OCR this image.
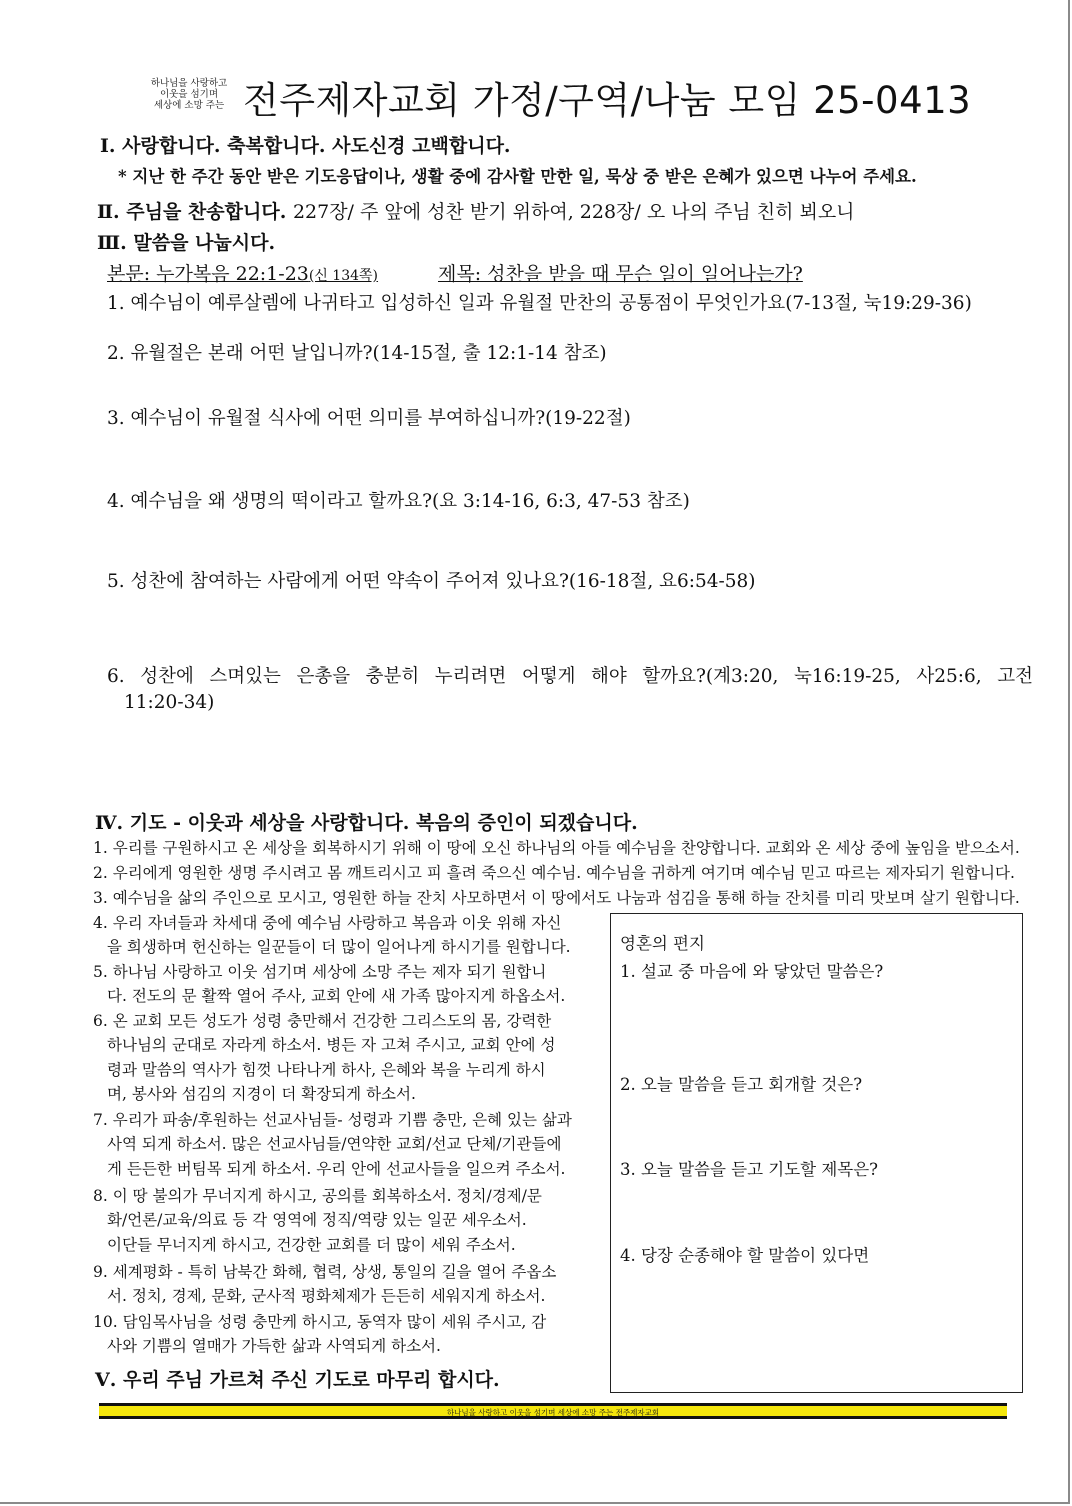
하나님을 사랑하고
이웃을 섬기며
세상에 소망 주는 전주제자교회 가정/구역/나눔 모임 25-0413
Ⅰ. 사랑합니다. 축복합니다. 사도신경 고백합니다.
* 지난 한 주간 동안 받은 기도응답이나, 생활 중에 감사할 만한 일, 묵상 중 받은 은혜가 있으면 나누어 주세요.
Ⅱ. 주님을 찬송합니다. 227장/ 주 앞에 성찬 받기 위하여, 228장/ 오 나의 주님 친히 뵈오니
Ⅲ. 말씀을 나눕시다.
본문: 누가복음 22:1-23(신 134쪽)	제목: 성찬을 받을 때 무슨 일이 일어나는가?
1. 예수님이 예루살렘에 나귀타고 입성하신 일과 유월절 만찬의 공통점이 무엇인가요(7-13절, 눅19:29-36)
2. 유월절은 본래 어떤 날입니까?(14-15절, 출 12:1-14 참조)
3. 예수님이 유월절 식사에 어떤 의미를 부여하십니까?(19-22절)
4. 예수님을 왜 생명의 떡이라고 할까요?(요 3:14-16, 6:3, 47-53 참조)
5. 성찬에 참여하는 사람에게 어떤 약속이 주어져 있나요?(16-18절, 요6:54-58)
6. 성찬에 스며있는 은총을 충분히 누리려면 어떻게 해야 할까요?(계3:20, 눅16:19-25, 사25:6, 고전
11:20-34)
Ⅳ. 기도 - 이웃과 세상을 사랑합니다. 복음의 증인이 되겠습니다.
1. 우리를 구원하시고 온 세상을 회복하시기 위해 이 땅에 오신 하나님의 아들 예수님을 찬양합니다. 교회와 온 세상 중에 높임을 받으소서.
2. 우리에게 영원한 생명 주시려고 몸 깨트리시고 피 흘려 죽으신 예수님. 예수님을 귀하게 여기며 예수님 믿고 따르는 제자되기 원합니다.
3. 예수님을 삶의 주인으로 모시고, 영원한 하늘 잔치 사모하면서 이 땅에서도 나눔과 섬김을 통해 하늘 잔치를 미리 맛보며 살기 원합니다.
4. 우리 자녀들과 차세대 중에 예수님 사랑하고 복음과 이웃 위해 자신
을 희생하며 헌신하는 일꾼들이 더 많이 일어나게 하시기를 원합니다.
5. 하나님 사랑하고 이웃 섬기며 세상에 소망 주는 제자 되기 원합니
다. 전도의 문 활짝 열어 주사, 교회 안에 새 가족 많아지게 하옵소서.
6. 온 교회 모든 성도가 성령 충만해서 건강한 그리스도의 몸, 강력한
하나님의 군대로 자라게 하소서. 병든 자 고쳐 주시고, 교회 안에 성
령과 말씀의 역사가 힘껏 나타나게 하사, 은혜와 복을 누리게 하시
며, 봉사와 섬김의 지경이 더 확장되게 하소서.
7. 우리가 파송/후원하는 선교사님들- 성령과 기쁨 충만, 은혜 있는 삶과
사역 되게 하소서. 많은 선교사님들/연약한 교회/선교 단체/기관들에
게 든든한 버팀목 되게 하소서. 우리 안에 선교사들을 일으켜 주소서.
8. 이 땅 불의가 무너지게 하시고, 공의를 회복하소서. 정치/경제/문
화/언론/교육/의료 등 각 영역에 정직/역량 있는 일꾼 세우소서.
이단들 무너지게 하시고, 건강한 교회를 더 많이 세워 주소서.
9. 세계평화 - 특히 남북간 화해, 협력, 상생, 통일의 길을 열어 주옵소
서. 정치, 경제, 문화, 군사적 평화체제가 든든히 세워지게 하소서.
10. 담임목사님을 성령 충만케 하시고, 동역자 많이 세워 주시고, 감
사와 기쁨의 열매가 가득한 삶과 사역되게 하소서.
영혼의 편지
1. 설교 중 마음에 와 닿았던 말씀은?
2. 오늘 말씀을 듣고 회개할 것은?
3. 오늘 말씀을 듣고 기도할 제목은?
4. 당장 순종해야 할 말씀이 있다면
Ⅴ. 우리 주님 가르쳐 주신 기도로 마무리 합시다.
하나님을 사랑하고 이웃을 섬기며 세상에 소망 주는 전주제자교회
